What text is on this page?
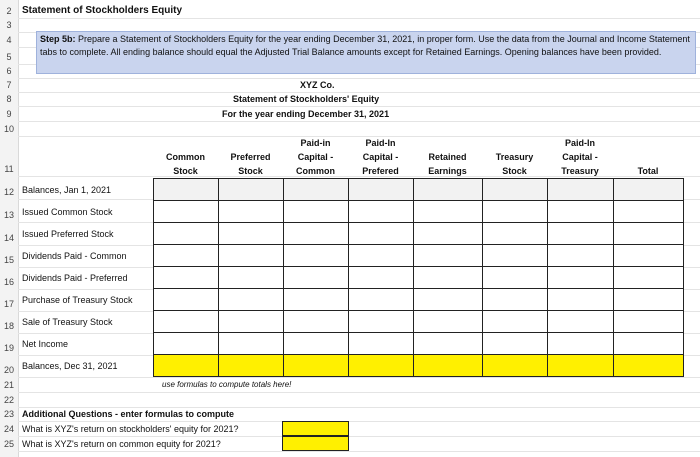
2
3
4
5
6
7
8
9
10
11
12
13
14
15
16
17
18
19
20
21
22
23
24
25
Statement of Stockholders Equity
Step 5b: Prepare a Statement of Stockholders Equity for the year ending December 31, 2021, in proper form. Use the data from the Journal and Income Statement tabs to complete. All ending balance should equal the Adjusted Trial Balance amounts except for Retained Earnings. Opening balances have been provided.
XYZ Co.
Statement of Stockholders' Equity
For the year ending December 31, 2021
Common
Stock
Preferred
Stock
Paid-in
Capital -
Common
Paid-In
Capital -
Prefered
Retained
Earnings
Treasury
Stock
Paid-In
Capital -
Treasury	Total
Balances, Jan 1, 2021
Issued Common Stock
Issued Preferred Stock
Dividends Paid - Common
Dividends Paid - Preferred
Purchase of Treasury Stock
Sale of Treasury Stock
Net Income
Balances, Dec 31, 2021
use formulas to compute totals here!
Additional Questions - enter formulas to compute
What is XYZ's return on stockholders' equity for 2021?
What is XYZ's return on common equity for 2021?
